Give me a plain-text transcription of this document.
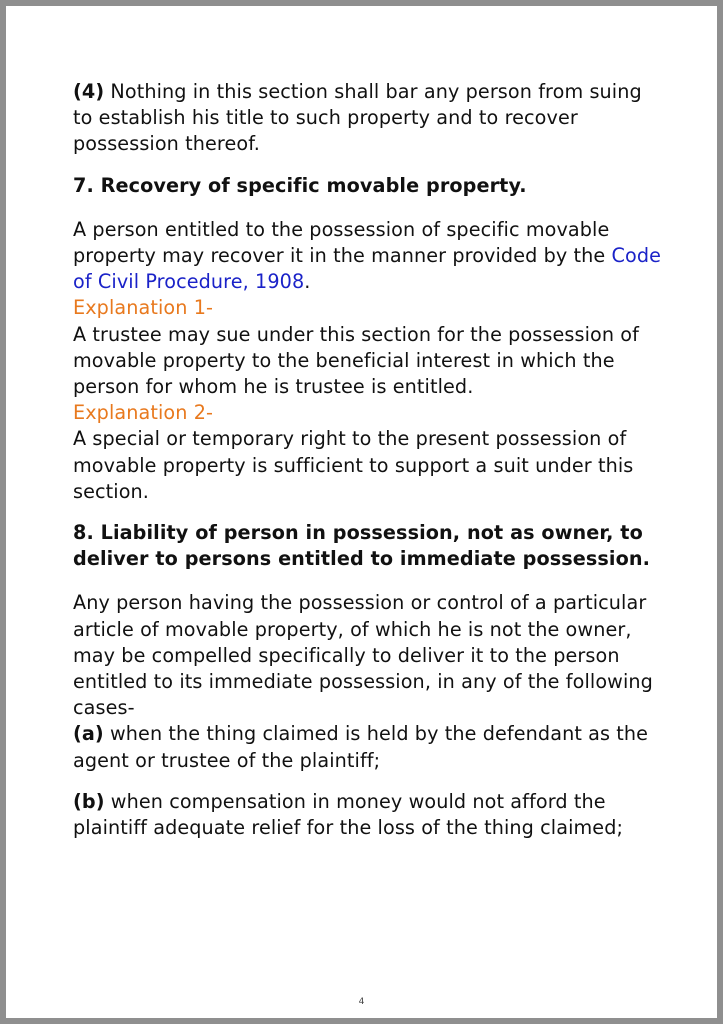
(4) Nothing in this section shall bar any person from suing to establish his title to such property and to recover possession thereof.

7. Recovery of specific movable property.

A person entitled to the possession of specific movable property may recover it in the manner provided by the Code of Civil Procedure, 1908.

Explanation 1-

A trustee may sue under this section for the possession of movable property to the beneficial interest in which the person for whom he is trustee is entitled.

Explanation 2-

A special or temporary right to the present possession of movable property is sufficient to support a suit under this section.

8. Liability of person in possession, not as owner, to deliver to persons entitled to immediate possession.

Any person having the possession or control of a particular article of movable property, of which he is not the owner, may be compelled specifically to deliver it to the person entitled to its immediate possession, in any of the following cases-

(a) when the thing claimed is held by the defendant as the agent or trustee of the plaintiff;

(b) when compensation in money would not afford the plaintiff adequate relief for the loss of the thing claimed;

4
